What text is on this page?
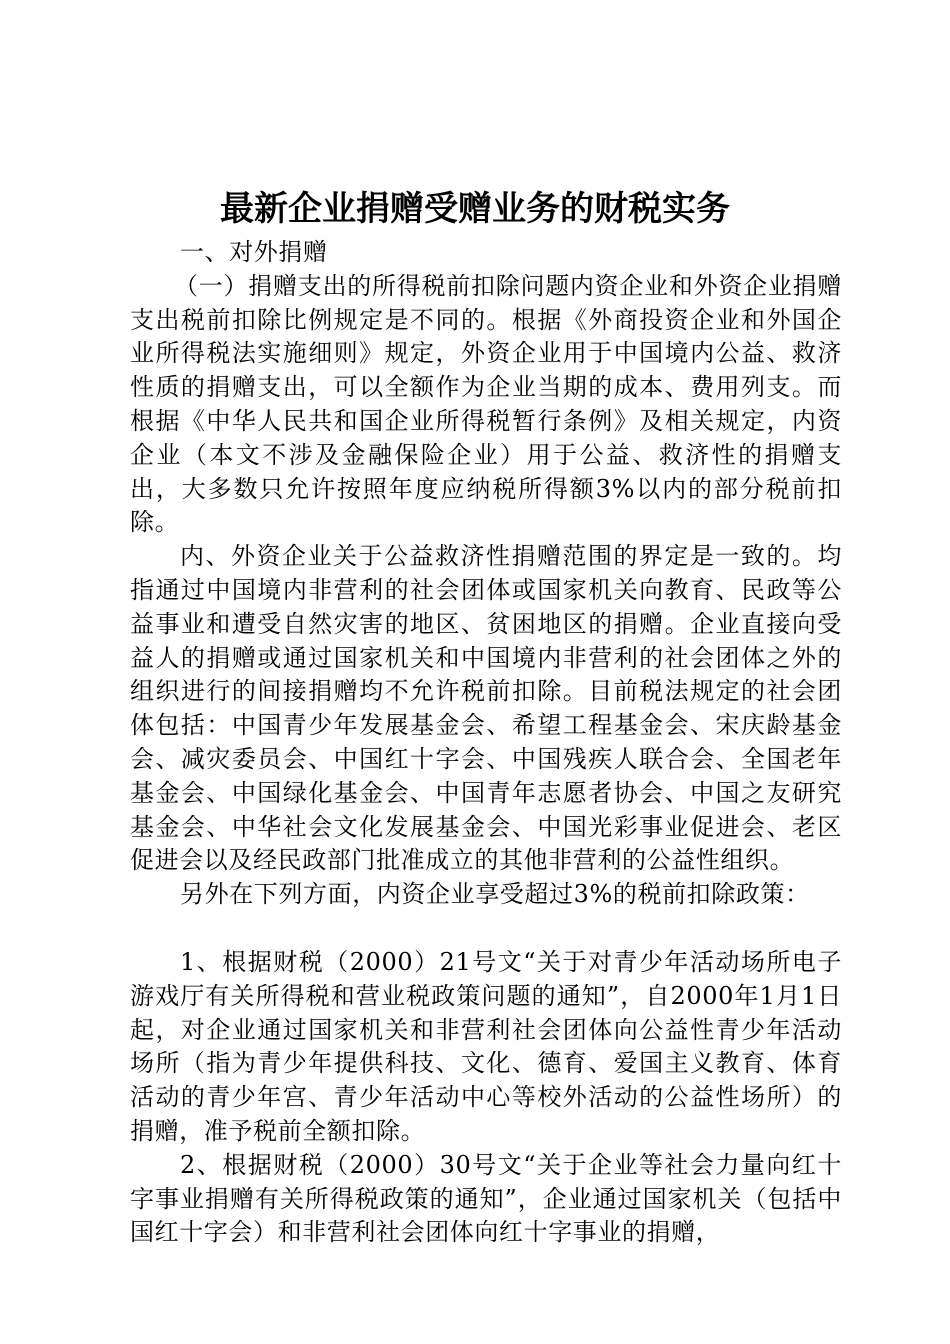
最新企业捐赠受赠业务的财税实务

一、对外捐赠

（一）捐赠支出的所得税前扣除问题内资企业和外资企业捐赠支出税前扣除比例规定是不同的。根据《外商投资企业和外国企业所得税法实施细则》规定，外资企业用于中国境内公益、救济性质的捐赠支出，可以全额作为企业当期的成本、费用列支。而根据《中华人民共和国企业所得税暂行条例》及相关规定，内资企业（本文不涉及金融保险企业）用于公益、救济性的捐赠支出，大多数只允许按照年度应纳税所得额3%以内的部分税前扣除。

内、外资企业关于公益救济性捐赠范围的界定是一致的。均指通过中国境内非营利的社会团体或国家机关向教育、民政等公益事业和遭受自然灾害的地区、贫困地区的捐赠。企业直接向受益人的捐赠或通过国家机关和中国境内非营利的社会团体之外的组织进行的间接捐赠均不允许税前扣除。目前税法规定的社会团体包括：中国青少年发展基金会、希望工程基金会、宋庆龄基金会、减灾委员会、中国红十字会、中国残疾人联合会、全国老年基金会、中国绿化基金会、中国青年志愿者协会、中国之友研究基金会、中华社会文化发展基金会、中国光彩事业促进会、老区促进会以及经民政部门批准成立的其他非营利的公益性组织。

另外在下列方面，内资企业享受超过3%的税前扣除政策：

1、根据财税（2000）21号文“关于对青少年活动场所电子游戏厅有关所得税和营业税政策问题的通知”，自2000年1月1日起，对企业通过国家机关和非营利社会团体向公益性青少年活动场所（指为青少年提供科技、文化、德育、爱国主义教育、体育活动的青少年宫、青少年活动中心等校外活动的公益性场所）的捐赠，准予税前全额扣除。

2、根据财税（2000）30号文“关于企业等社会力量向红十字事业捐赠有关所得税政策的通知”，企业通过国家机关（包括中国红十字会）和非营利社会团体向红十字事业的捐赠，
